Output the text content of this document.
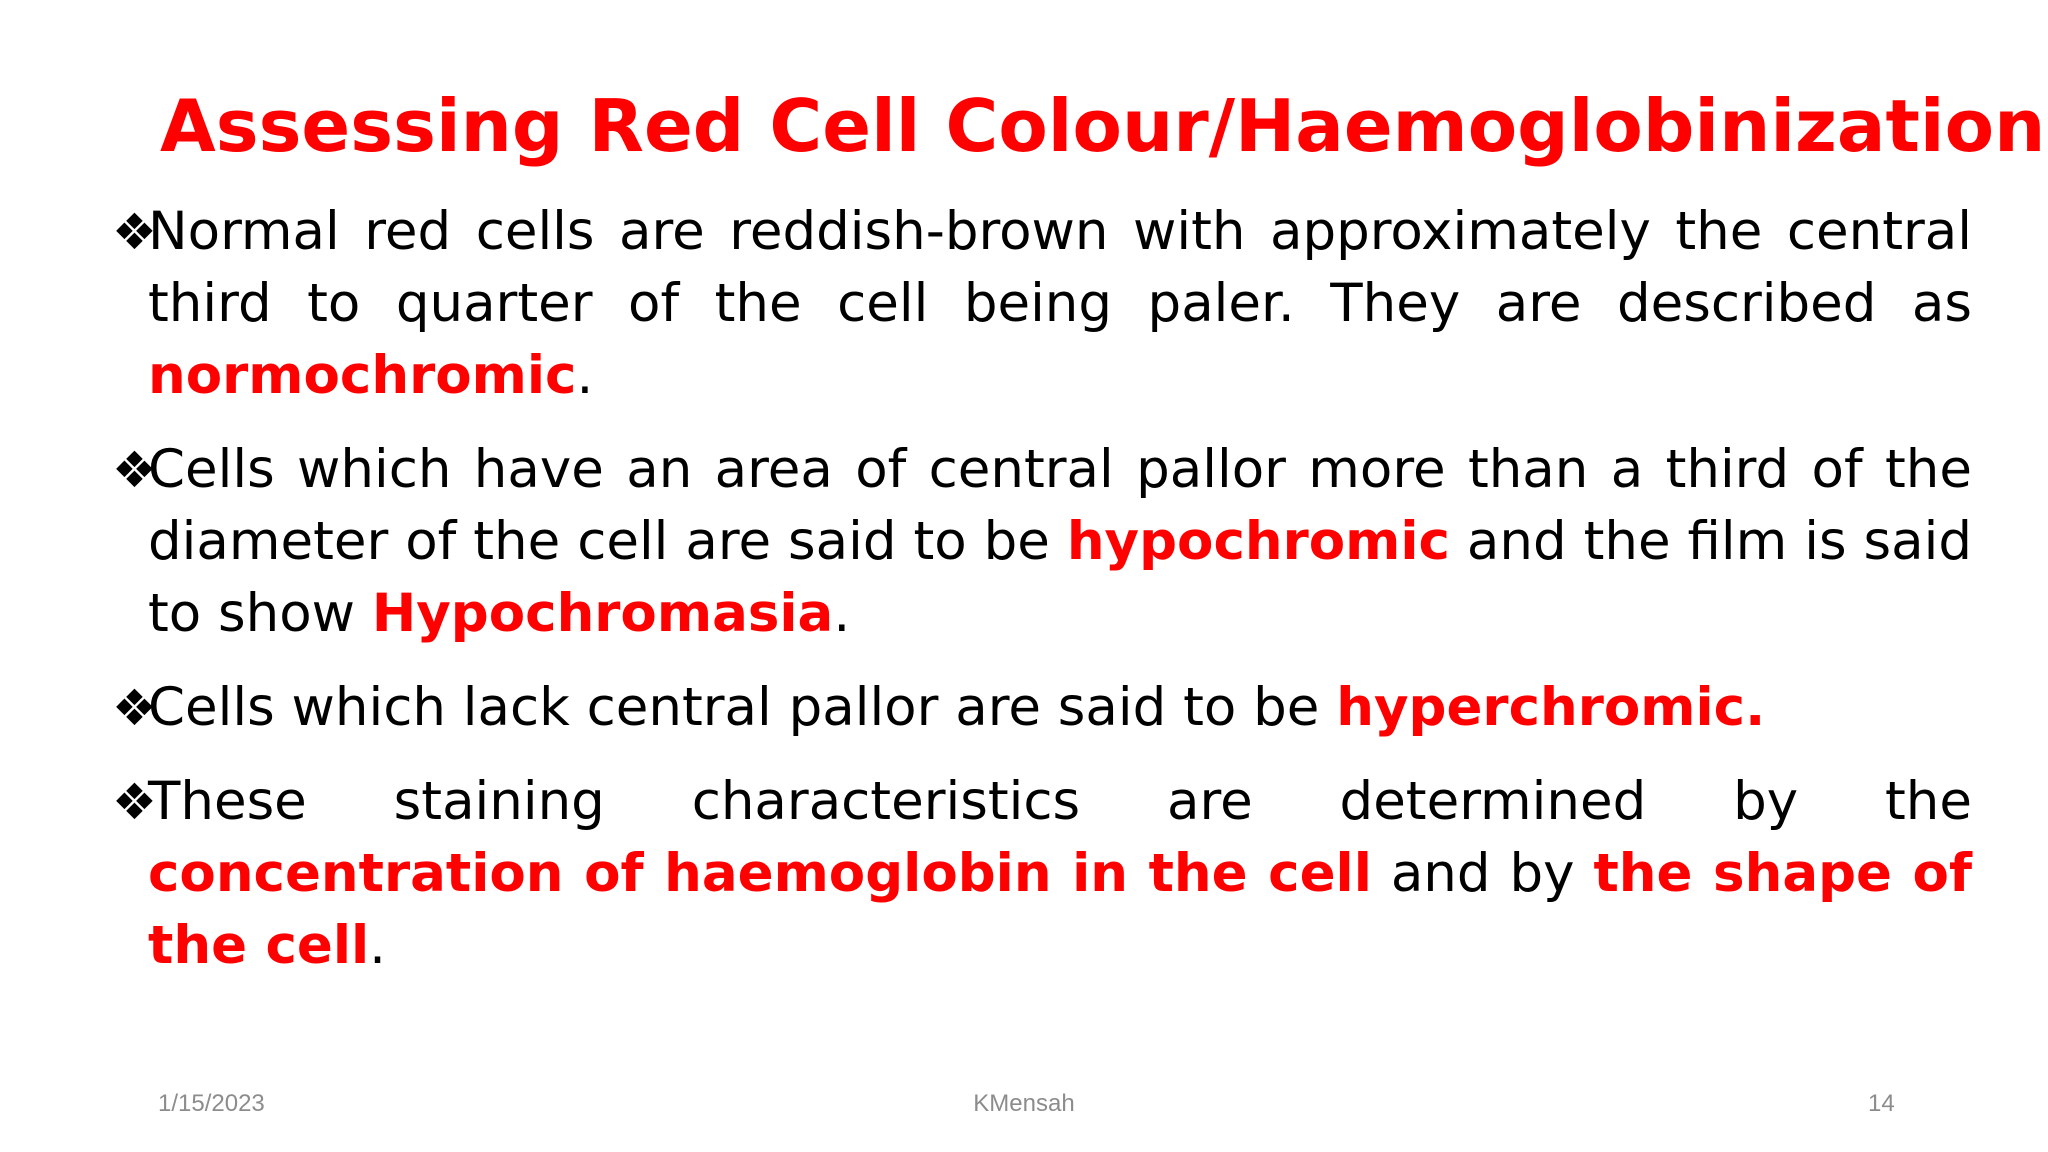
Assessing Red Cell Colour/Haemoglobinization
❖
Normal red cells are reddish-brown with approximately the central third to quarter of the cell being paler. They are described as normochromic.
❖
Cells which have an area of central pallor more than a third of the diameter of the cell are said to be hypochromic and the film is said to show Hypochromasia.
❖
Cells which lack central pallor are said to be hyperchromic.
❖
These staining characteristics are determined by the concentration of haemoglobin in the cell and by the shape of the cell.
1/15/2023	KMensah	14
